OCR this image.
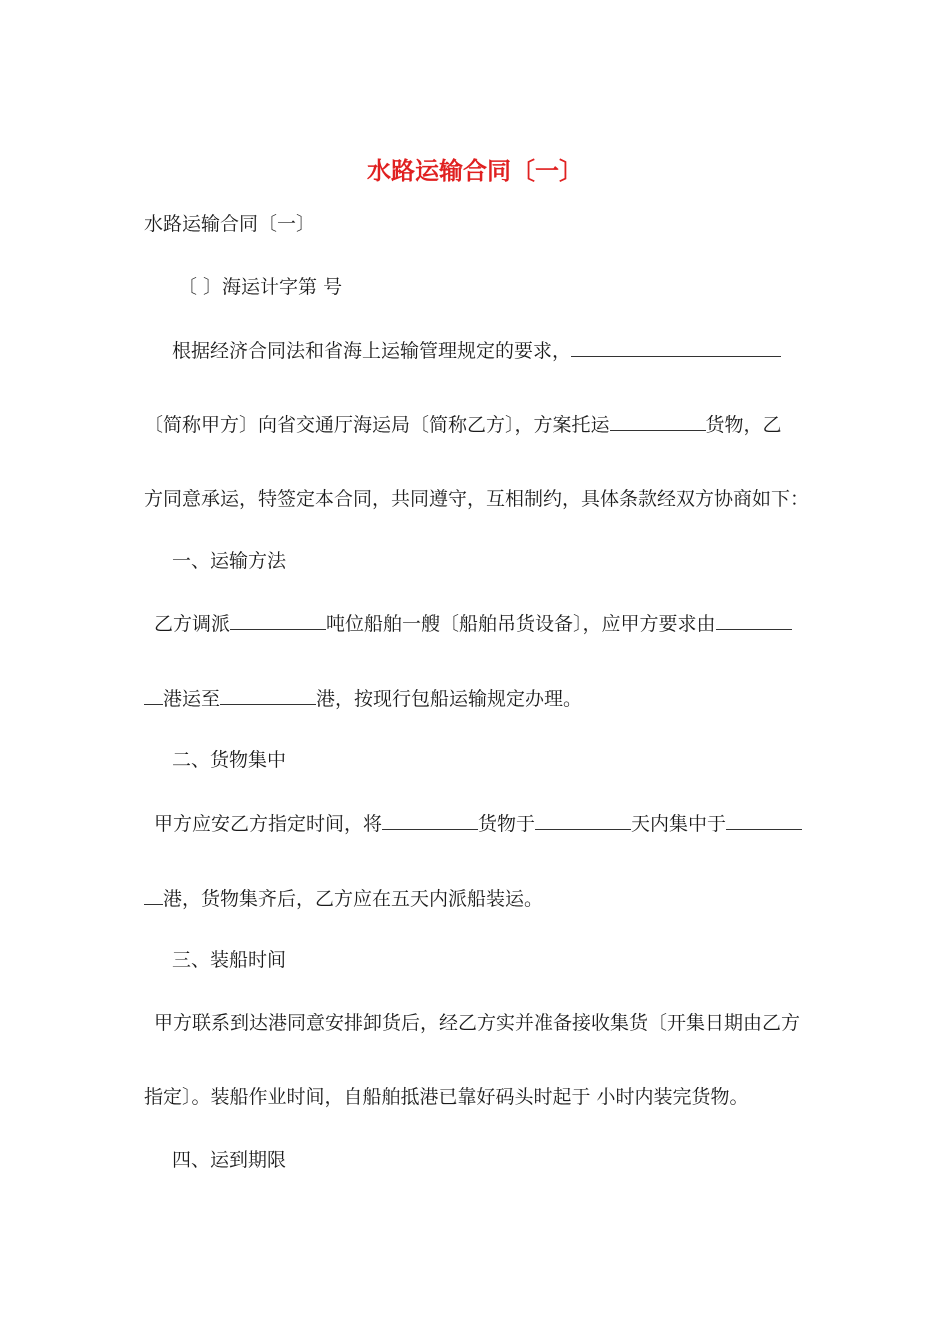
水路运输合同〔一〕
水路运输合同〔一〕
〔 〕海运计字第 号
根据经济合同法和省海上运输管理规定的要求，
〔简称甲方〕向省交通厅海运局〔简称乙方〕，方案托运	货物，乙
方同意承运，特签定本合同，共同遵守，互相制约，具体条款经双方协商如下：
一、运输方法
乙方调派	吨位船舶一艘〔船舶吊货设备〕，应甲方要求由
港运至	港，按现行包船运输规定办理。
二、货物集中
甲方应安乙方指定时间，将	货物于	天内集中于
港，货物集齐后，乙方应在五天内派船装运。
三、装船时间
甲方联系到达港同意安排卸货后，经乙方实并准备接收集货〔开集日期由乙方
指定〕。装船作业时间，自船舶抵港已靠好码头时起于 小时内装完货物。
四、运到期限
